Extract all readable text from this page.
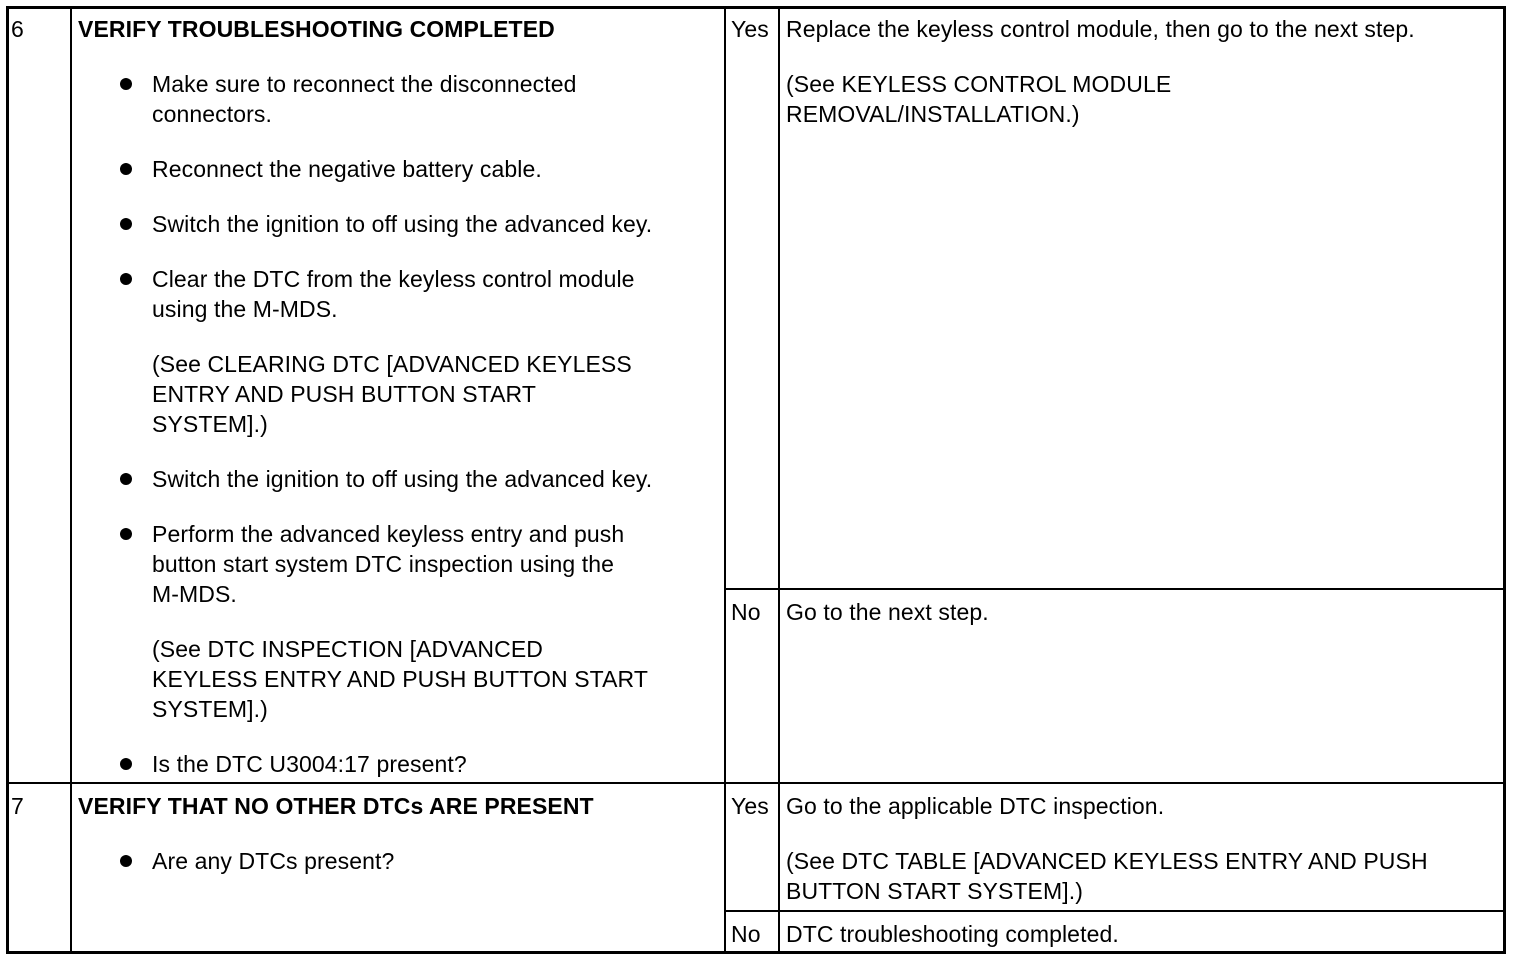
6 VERIFY TROUBLESHOOTING COMPLETED
Make sure to reconnect the disconnected
connectors.
Reconnect the negative battery cable.
Switch the ignition to off using the advanced key.
Clear the DTC from the keyless control module
using the M-MDS.
(See CLEARING DTC [ADVANCED KEYLESS
ENTRY AND PUSH BUTTON START
SYSTEM].)
Switch the ignition to off using the advanced key.
Perform the advanced keyless entry and push
button start system DTC inspection using the
M-MDS.
(See DTC INSPECTION [ADVANCED
KEYLESS ENTRY AND PUSH BUTTON START
SYSTEM].)
Is the DTC U3004:17 present?
Yes Replace the keyless control module, then go to the next step.
(See KEYLESS CONTROL MODULE
REMOVAL/INSTALLATION.)
No Go to the next step.
7 VERIFY THAT NO OTHER DTCs ARE PRESENT
Are any DTCs present?
Yes Go to the applicable DTC inspection.
(See DTC TABLE [ADVANCED KEYLESS ENTRY AND PUSH
BUTTON START SYSTEM].)
No DTC troubleshooting completed.
